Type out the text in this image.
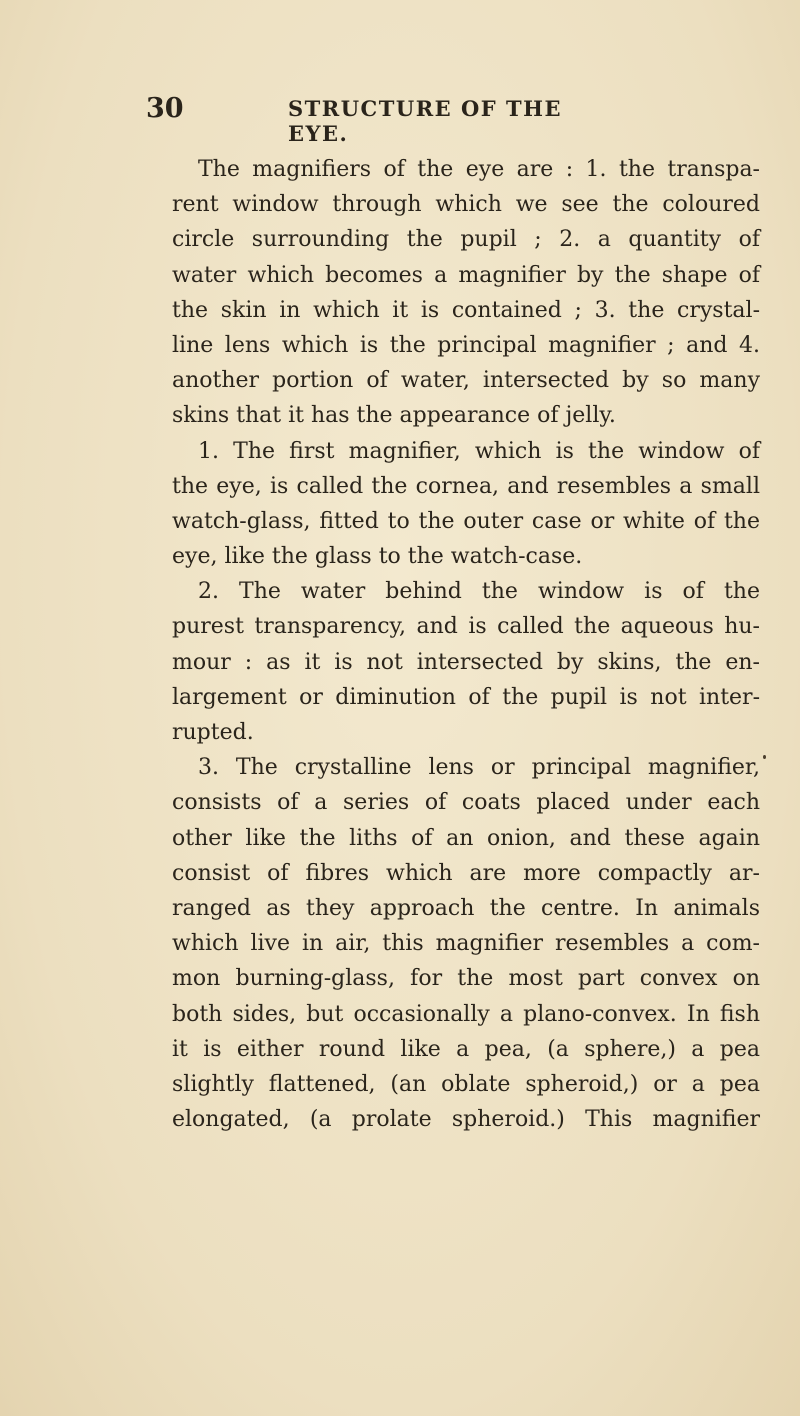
30	STRUCTURE OF THE EYE.
The magnifiers of the eye are : 1. the transpa-
rent window through which we see the coloured
circle surrounding the pupil ; 2. a quantity of
water which becomes a magnifier by the shape of
the skin in which it is contained ; 3. the crystal-
line lens which is the principal magnifier ; and 4.
another portion of water, intersected by so many
skins that it has the appearance of jelly.
1. The first magnifier, which is the window of
the eye, is called the cornea, and resembles a small
watch-glass, fitted to the outer case or white of the
eye, like the glass to the watch-case.
2. The water behind the window is of the
purest transparency, and is called the aqueous hu-
mour : as it is not intersected by skins, the en-
largement or diminution of the pupil is not inter-
rupted.
3. The crystalline lens or principal magnifier,
consists of a series of coats placed under each
other like the liths of an onion, and these again
consist of fibres which are more compactly ar-
ranged as they approach the centre. In animals
which live in air, this magnifier resembles a com-
mon burning-glass, for the most part convex on
both sides, but occasionally a plano-convex. In fish
it is either round like a pea, (a sphere,) a pea
slightly flattened, (an oblate spheroid,) or a pea
elongated, (a prolate spheroid.) This magnifier
